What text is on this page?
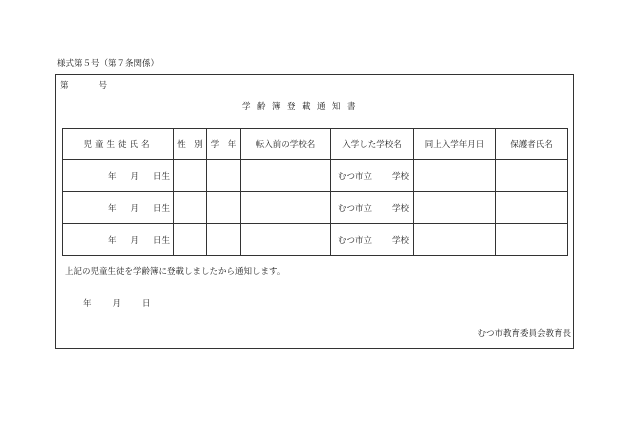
様式第５号（第７条関係）
第	号
学齢簿登載通知書
児童生徒氏名	性　別	学　年	転入前の学校名	入学した学校名	同上入学年月日	保護者氏名
年 月 日生				むつ市立 学校		
年 月 日生				むつ市立 学校		
年 月 日生				むつ市立 学校		
上記の児童生徒を学齢簿に登載しましたから通知します。
年 月 日
むつ市教育委員会教育長
